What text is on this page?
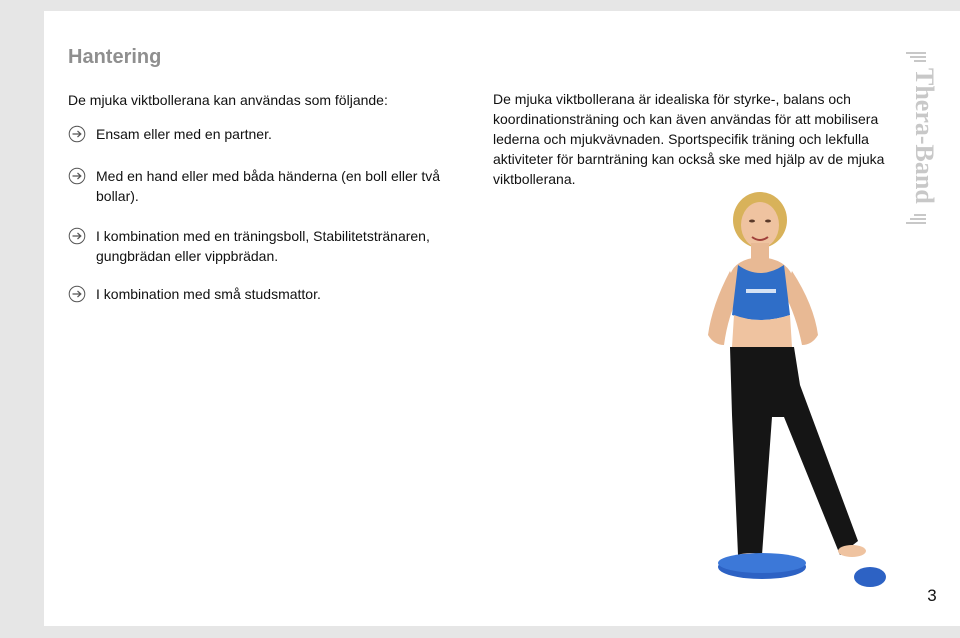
Hantering

De mjuka viktbollerana kan användas som följande:

Ensam eller med en partner.
Med en hand eller med båda händerna (en boll eller två bollar).
I kombination med en träningsboll, Stabilitetstränaren, gungbrädan eller vippbrädan.
I kombination med små studsmattor.

De mjuka viktbollerana är idealiska för styrke-, balans och koordinationsträning och kan även användas för att mobilisera lederna och mjukvävnaden. Sportspecifik träning och lekfulla aktiviteter för barnträning kan också ske med hjälp av de mjuka viktbollerana.	Thera-Band
3
